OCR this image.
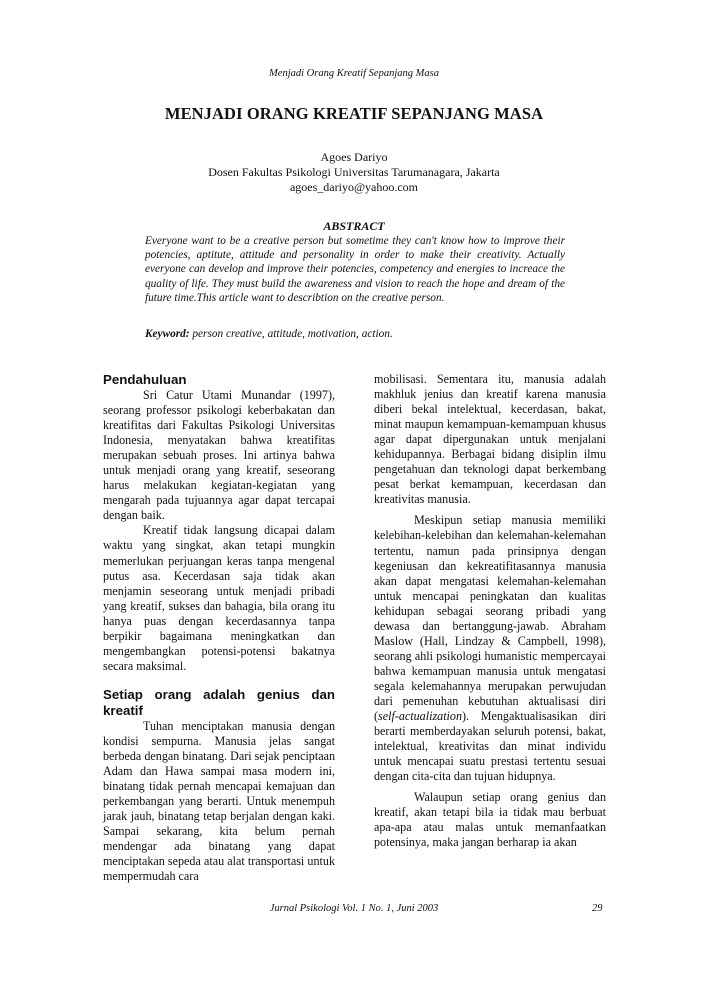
Menjadi Orang Kreatif Sepanjang Masa
MENJADI ORANG KREATIF SEPANJANG MASA
Agoes Dariyo
Dosen Fakultas Psikologi Universitas Tarumanagara, Jakarta
agoes_dariyo@yahoo.com
ABSTRACT
Everyone want to be a creative person but sometime they can't know how to improve their potencies, aptitute, attitude and personality in order to make their creativity. Actually everyone can develop and improve their potencies, competency and energies to increace the quality of life. They must build the awareness and vision to reach the hope and dream of the future time.This article want to describtion on the creative person.
Keyword: person creative, attitude, motivation, action.
Pendahuluan

Sri Catur Utami Munandar (1997), seorang professor psikologi keberbakatan dan kreatifitas dari Fakultas Psikologi Universitas Indonesia, menyatakan bahwa kreatifitas merupakan sebuah proses. Ini artinya bahwa untuk menjadi orang yang kreatif, seseorang harus melakukan kegiatan-kegiatan yang mengarah pada tujuannya agar dapat tercapai dengan baik.

Kreatif tidak langsung dicapai dalam waktu yang singkat, akan tetapi mungkin memerlukan perjuangan keras tanpa mengenal putus asa. Kecerdasan saja tidak akan menjamin seseorang untuk menjadi pribadi yang kreatif, sukses dan bahagia, bila orang itu hanya puas dengan kecerdasannya tanpa berpikir bagaimana meningkatkan dan mengembangkan potensi-potensi bakatnya secara maksimal.

Setiap orang adalah genius dan kreatif

Tuhan menciptakan manusia dengan kondisi sempurna. Manusia jelas sangat berbeda dengan binatang. Dari sejak penciptaan Adam dan Hawa sampai masa modern ini, binatang tidak pernah mencapai kemajuan dan perkembangan yang berarti. Untuk menempuh jarak jauh, binatang tetap berjalan dengan kaki. Sampai sekarang, kita belum pernah mendengar ada binatang yang dapat menciptakan sepeda atau alat transportasi untuk mempermudah cara

mobilisasi. Sementara itu, manusia adalah makhluk jenius dan kreatif karena manusia diberi bekal intelektual, kecerdasan, bakat, minat maupun kemampuan-kemampuan khusus agar dapat dipergunakan untuk menjalani kehidupannya. Berbagai bidang disiplin ilmu pengetahuan dan teknologi dapat berkembang pesat berkat kemampuan, kecerdasan dan kreativitas manusia.

Meskipun setiap manusia memiliki kelebihan-kelebihan dan kelemahan-kelemahan tertentu, namun pada prinsipnya dengan kegeniusan dan kekreatifitasannya manusia akan dapat mengatasi kelemahan-kelemahan untuk mencapai peningkatan dan kualitas kehidupan sebagai seorang pribadi yang dewasa dan bertanggung-jawab. Abraham Maslow (Hall, Lindzay & Campbell, 1998), seorang ahli psikologi humanistic mempercayai bahwa kemampuan manusia untuk mengatasi segala kelemahannya merupakan perwujudan dari pemenuhan kebutuhan aktualisasi diri (self-actualization). Mengaktualisasikan diri berarti memberdayakan seluruh potensi, bakat, intelektual, kreativitas dan minat individu untuk mencapai suatu prestasi tertentu sesuai dengan cita-cita dan tujuan hidupnya.

Walaupun setiap orang genius dan kreatif, akan tetapi bila ia tidak mau berbuat apa-apa atau malas untuk memanfaatkan potensinya, maka jangan berharap ia akan

Jurnal Psikologi Vol. 1 No. 1, Juni 2003	29
